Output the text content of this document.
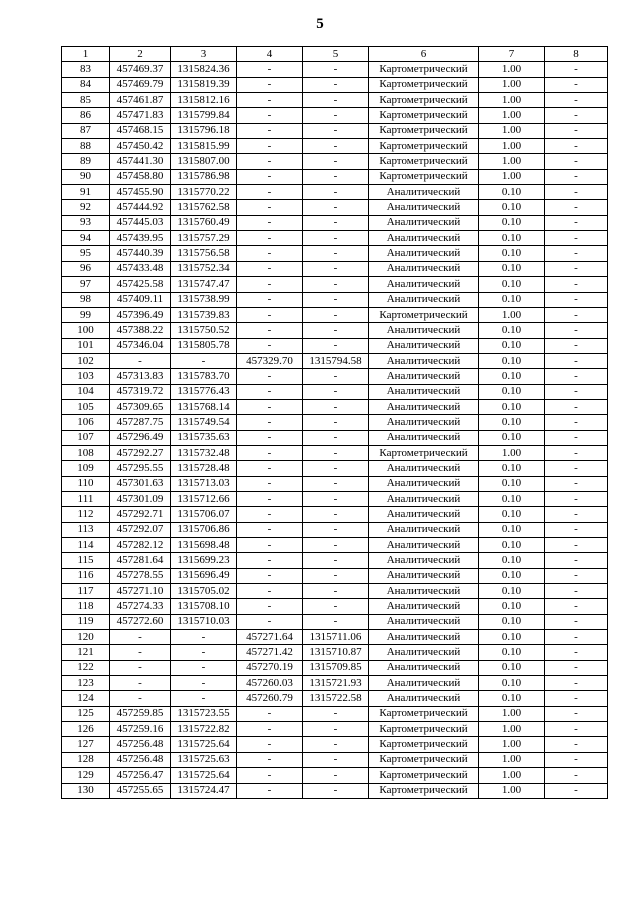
5
1	2	3	4	5	6	7	8
83	457469.37	1315824.36	-	-	Картометрический	1.00	-
84	457469.79	1315819.39	-	-	Картометрический	1.00	-
85	457461.87	1315812.16	-	-	Картометрический	1.00	-
86	457471.83	1315799.84	-	-	Картометрический	1.00	-
87	457468.15	1315796.18	-	-	Картометрический	1.00	-
88	457450.42	1315815.99	-	-	Картометрический	1.00	-
89	457441.30	1315807.00	-	-	Картометрический	1.00	-
90	457458.80	1315786.98	-	-	Картометрический	1.00	-
91	457455.90	1315770.22	-	-	Аналитический	0.10	-
92	457444.92	1315762.58	-	-	Аналитический	0.10	-
93	457445.03	1315760.49	-	-	Аналитический	0.10	-
94	457439.95	1315757.29	-	-	Аналитический	0.10	-
95	457440.39	1315756.58	-	-	Аналитический	0.10	-
96	457433.48	1315752.34	-	-	Аналитический	0.10	-
97	457425.58	1315747.47	-	-	Аналитический	0.10	-
98	457409.11	1315738.99	-	-	Аналитический	0.10	-
99	457396.49	1315739.83	-	-	Картометрический	1.00	-
100	457388.22	1315750.52	-	-	Аналитический	0.10	-
101	457346.04	1315805.78	-	-	Аналитический	0.10	-
102	-	-	457329.70	1315794.58	Аналитический	0.10	-
103	457313.83	1315783.70	-	-	Аналитический	0.10	-
104	457319.72	1315776.43	-	-	Аналитический	0.10	-
105	457309.65	1315768.14	-	-	Аналитический	0.10	-
106	457287.75	1315749.54	-	-	Аналитический	0.10	-
107	457296.49	1315735.63	-	-	Аналитический	0.10	-
108	457292.27	1315732.48	-	-	Картометрический	1.00	-
109	457295.55	1315728.48	-	-	Аналитический	0.10	-
110	457301.63	1315713.03	-	-	Аналитический	0.10	-
111	457301.09	1315712.66	-	-	Аналитический	0.10	-
112	457292.71	1315706.07	-	-	Аналитический	0.10	-
113	457292.07	1315706.86	-	-	Аналитический	0.10	-
114	457282.12	1315698.48	-	-	Аналитический	0.10	-
115	457281.64	1315699.23	-	-	Аналитический	0.10	-
116	457278.55	1315696.49	-	-	Аналитический	0.10	-
117	457271.10	1315705.02	-	-	Аналитический	0.10	-
118	457274.33	1315708.10	-	-	Аналитический	0.10	-
119	457272.60	1315710.03	-	-	Аналитический	0.10	-
120	-	-	457271.64	1315711.06	Аналитический	0.10	-
121	-	-	457271.42	1315710.87	Аналитический	0.10	-
122	-	-	457270.19	1315709.85	Аналитический	0.10	-
123	-	-	457260.03	1315721.93	Аналитический	0.10	-
124	-	-	457260.79	1315722.58	Аналитический	0.10	-
125	457259.85	1315723.55	-	-	Картометрический	1.00	-
126	457259.16	1315722.82	-	-	Картометрический	1.00	-
127	457256.48	1315725.64	-	-	Картометрический	1.00	-
128	457256.48	1315725.63	-	-	Картометрический	1.00	-
129	457256.47	1315725.64	-	-	Картометрический	1.00	-
130	457255.65	1315724.47	-	-	Картометрический	1.00	-
